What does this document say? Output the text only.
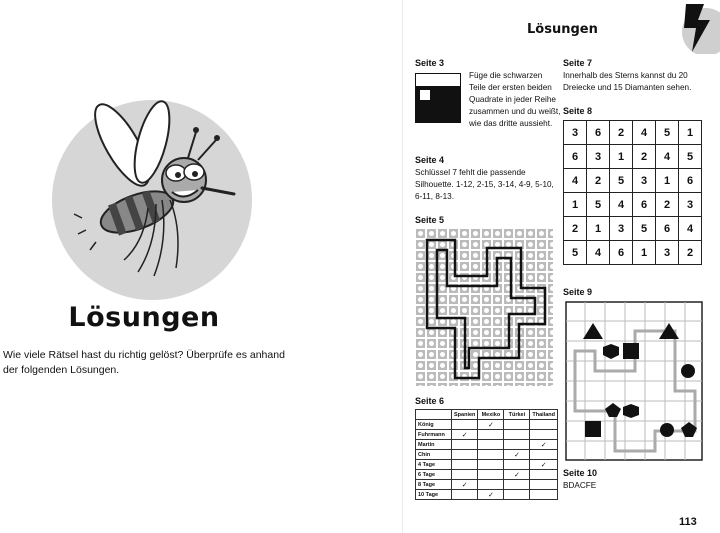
Lösungen
Wie viele Rätsel hast du richtig gelöst? Überprüfe es anhand der folgenden Lösungen.
Lösungen
Seite 3
Füge die schwarzen Teile der ersten beiden Quadrate in jeder Reihe zusammen und du weißt, wie das dritte aussieht.
Seite 4
Schlüssel 7 fehlt die passende Silhouette. 1-12, 2-15, 3-14, 4-9, 5-10, 6-11, 8-13.
Seite 5
Seite 6
	Spanien	Mexiko	Türkei	Thailand
König		✓		
Fuhrmann	✓			
Martin				✓
Chin			✓	
4 Tage				✓
6 Tage			✓	
8 Tage	✓			
10 Tage		✓		
Seite 7
Innerhalb des Sterns kannst du 20 Dreiecke und 15 Diamanten sehen.
Seite 8
3	6	2	4	5	1
6	3	1	2	4	5
4	2	5	3	1	6
1	5	4	6	2	3
2	1	3	5	6	4
5	4	6	1	3	2
Seite 9
Seite 10
BDACFE
113
